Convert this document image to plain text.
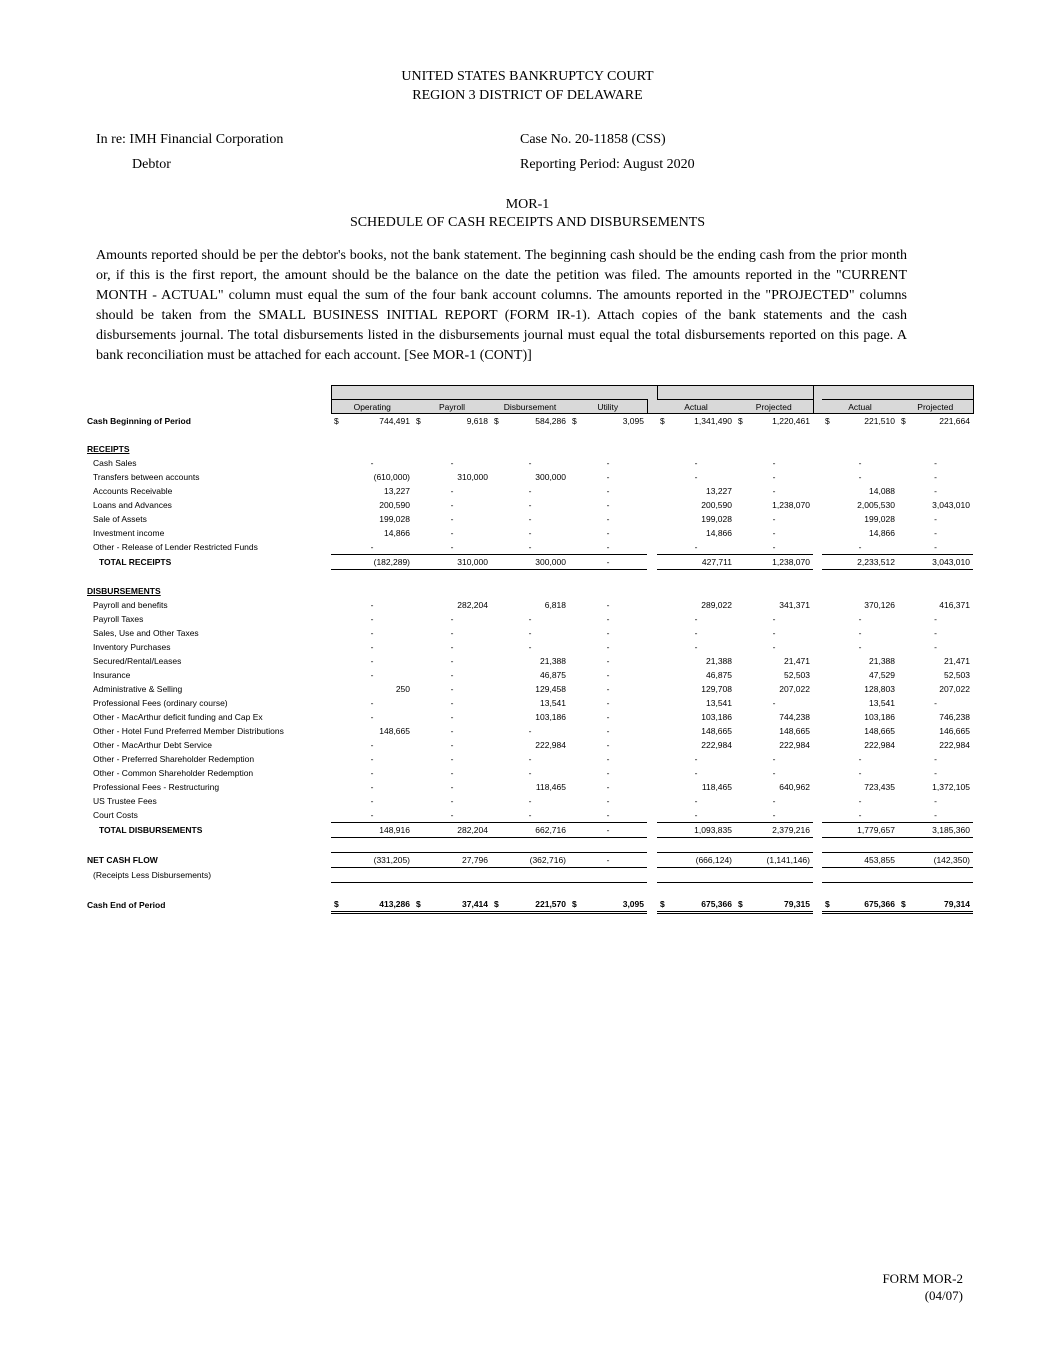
UNITED STATES BANKRUPTCY COURT
REGION 3 DISTRICT OF DELAWARE
In re: IMH Financial Corporation
Debtor
Case No. 20-11858 (CSS)
Reporting Period: August 2020
MOR-1
SCHEDULE OF CASH RECEIPTS AND DISBURSEMENTS
Amounts reported should be per the debtor's books, not the bank statement. The beginning cash should be the ending cash from the prior month or, if this is the first report, the amount should be the balance on the date the petition was filed. The amounts reported in the "CURRENT MONTH - ACTUAL" column must equal the sum of the four bank account columns. The amounts reported in the "PROJECTED" columns should be taken from the SMALL BUSINESS INITIAL REPORT (FORM IR-1). Attach copies of the bank statements and the cash disbursements journal. The total disbursements listed in the disbursements journal must equal the total disbursements reported on this page. A bank reconciliation must be attached for each account. [See MOR-1 (CONT)]

	Operating	Payroll	Disbursement	Utility		Actual	Projected		Actual	Projected
Cash Beginning of Period	$ 744,491	$ 9,618	$ 584,286	$ 3,095		$ 1,341,490	$ 1,220,461		$ 221,510	$ 221,664

RECEIPTS										
Cash Sales	-	-	-	-		-	-		-	-
Transfers between accounts	(610,000)	310,000	300,000	-		-	-		-	-
Accounts Receivable	13,227	-	-	-		13,227	-		14,088	-
Loans and Advances	200,590	-	-	-		200,590	1,238,070		2,005,530	3,043,010
Sale of Assets	199,028	-	-	-		199,028	-		199,028	-
Investment income	14,866	-	-	-		14,866	-		14,866	-
Other - Release of Lender Restricted Funds	-	-	-	-		-	-		-	-
TOTAL RECEIPTS	(182,289)	310,000	300,000	-		427,711	1,238,070		2,233,512	3,043,010

DISBURSEMENTS										
Payroll and benefits	-	282,204	6,818	-		289,022	341,371		370,126	416,371
Payroll Taxes	-	-	-	-		-	-		-	-
Sales, Use and Other Taxes	-	-	-	-		-	-		-	-
Inventory Purchases	-	-	-	-		-	-		-	-
Secured/Rental/Leases	-	-	21,388	-		21,388	21,471		21,388	21,471
Insurance	-	-	46,875	-		46,875	52,503		47,529	52,503
Administrative & Selling	250	-	129,458	-		129,708	207,022		128,803	207,022
Professional Fees (ordinary course)	-	-	13,541	-		13,541	-		13,541	-
Other - MacArthur deficit funding and Cap Ex	-	-	103,186	-		103,186	744,238		103,186	746,238
Other - Hotel Fund Preferred Member Distributions	148,665	-	-	-		148,665	148,665		148,665	146,665
Other - MacArthur Debt Service	-	-	222,984	-		222,984	222,984		222,984	222,984
Other - Preferred Shareholder Redemption	-	-	-	-		-	-		-	-
Other - Common Shareholder Redemption	-	-	-	-		-	-		-	-
Professional Fees - Restructuring	-	-	118,465	-		118,465	640,962		723,435	1,372,105
US Trustee Fees	-	-	-	-		-	-		-	-
Court Costs	-	-	-	-		-	-		-	-
TOTAL DISBURSEMENTS	148,916	282,204	662,716	-		1,093,835	2,379,216		1,779,657	3,185,360

NET CASH FLOW	(331,205)	27,796	(362,716)	-		(666,124)	(1,141,146)		453,855	(142,350)
(Receipts Less Disbursements)										

Cash End of Period	$ 413,286	$ 37,414	$ 221,570	$ 3,095		$ 675,366	$ 79,315		$ 675,366	$ 79,314
FORM MOR-2
(04/07)
